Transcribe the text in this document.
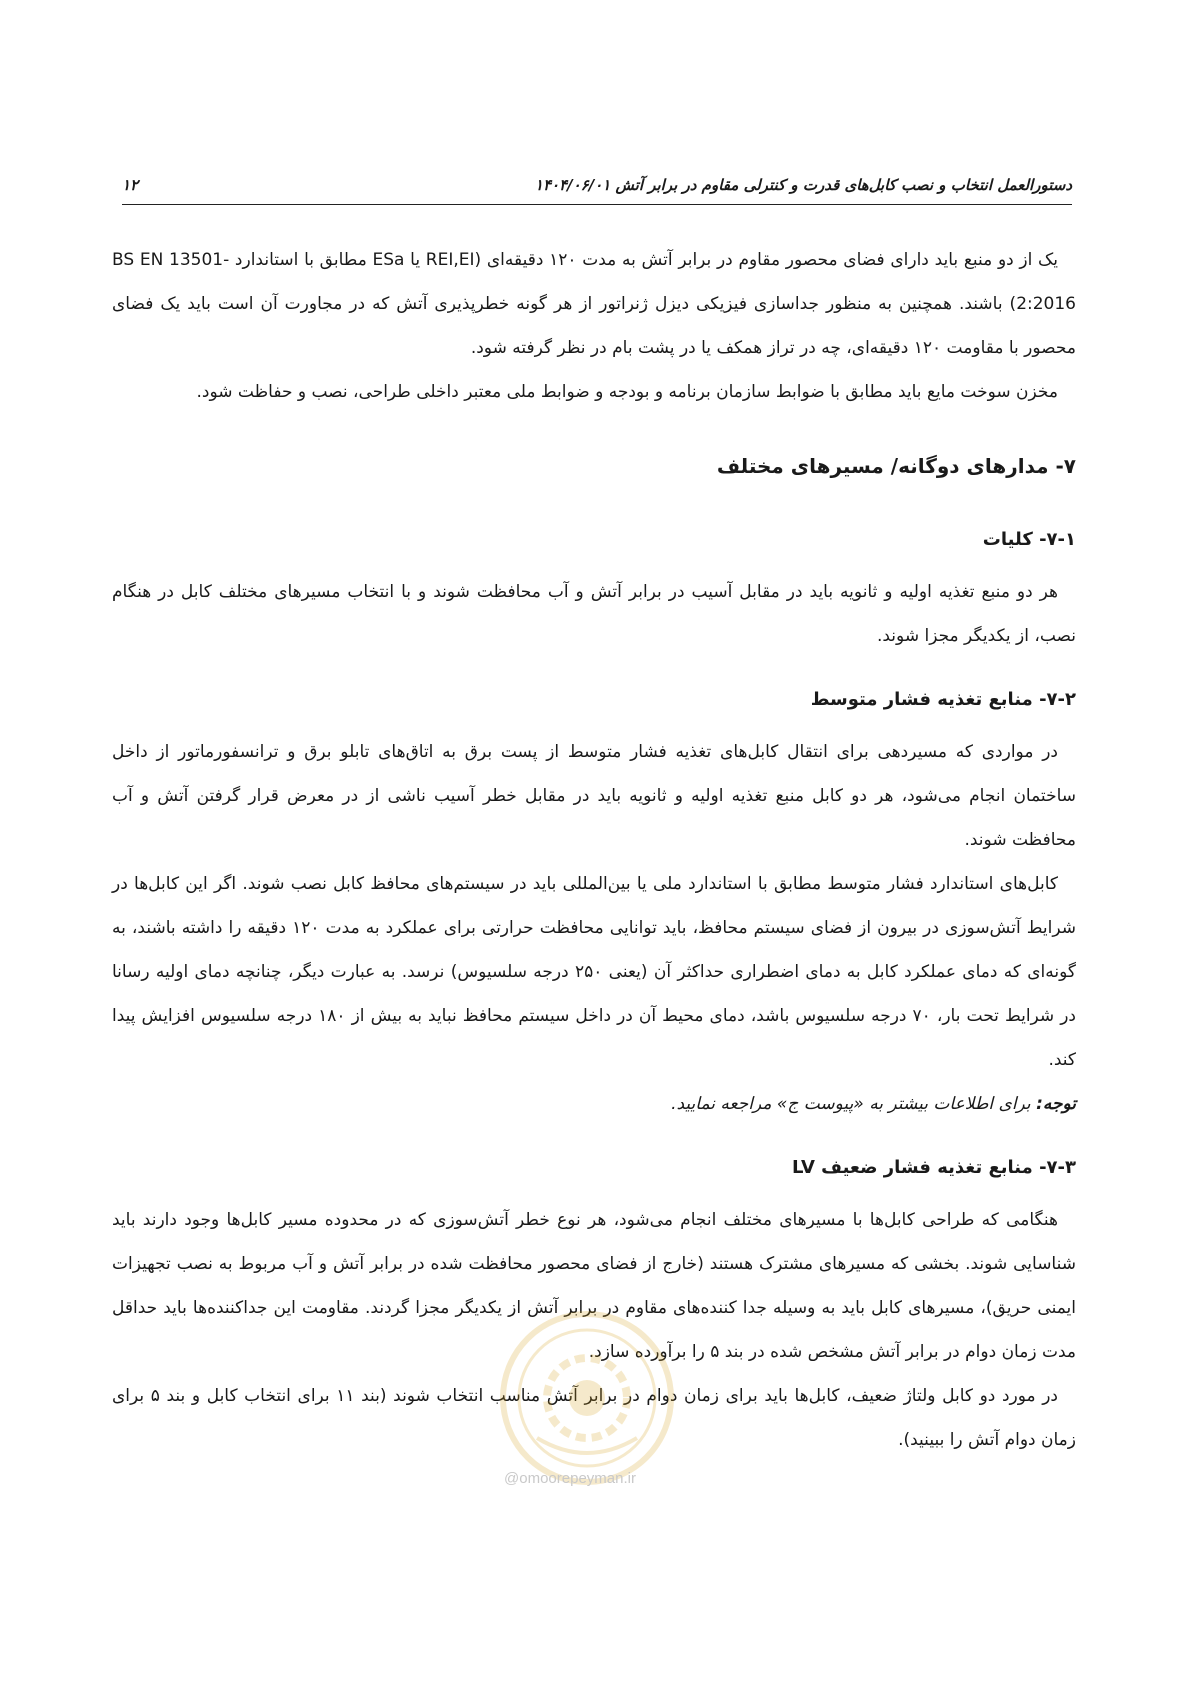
دستورالعمل انتخاب و نصب کابل‌های قدرت و کنترلی مقاوم در برابر آتش ۱۴۰۴/۰۶/۰۱
۱۲

یک از دو منبع باید دارای فضای محصور مقاوم در برابر آتش به مدت ۱۲۰ دقیقه‌ای (REI,EI یا ESa مطابق با استاندارد BS EN 13501-2:2016) باشند. همچنین به منظور جداسازی فیزیکی دیزل ژنراتور از هر گونه خطرپذیری آتش که در مجاورت آن است باید یک فضای محصور با مقاومت ۱۲۰ دقیقه‌ای، چه در تراز همکف یا در پشت بام در نظر گرفته شود.

مخزن سوخت مایع باید مطابق با ضوابط سازمان برنامه و بودجه و ضوابط ملی معتبر داخلی طراحی، نصب و حفاظت شود.

۷- مدارهای دوگانه/ مسیرهای مختلف

۷-۱- کلیات

هر دو منبع تغذیه اولیه و ثانویه باید در مقابل آسیب در برابر آتش و آب محافظت شوند و با انتخاب مسیرهای مختلف کابل در هنگام نصب، از یکدیگر مجزا شوند.

۷-۲- منابع تغذیه فشار متوسط

در مواردی که مسیردهی برای انتقال کابل‌های تغذیه فشار متوسط از پست برق به اتاق‌های تابلو برق و ترانسفورماتور از داخل ساختمان انجام می‌شود، هر دو کابل منبع تغذیه اولیه و ثانویه باید در مقابل خطر آسیب ناشی از در معرض قرار گرفتن آتش و آب محافظت شوند.

کابل‌های استاندارد فشار متوسط مطابق با استاندارد ملی یا بین‌المللی باید در سیستم‌های محافظ کابل نصب شوند. اگر این کابل‌ها در شرایط آتش‌سوزی در بیرون از فضای سیستم محافظ، باید توانایی محافظت حرارتی برای عملکرد به مدت ۱۲۰ دقیقه را داشته باشند، به گونه‌ای که دمای عملکرد کابل به دمای اضطراری حداکثر آن (یعنی ۲۵۰ درجه سلسیوس) نرسد. به عبارت دیگر، چنانچه دمای اولیه رسانا در شرایط تحت بار، ۷۰ درجه سلسیوس باشد، دمای محیط آن در داخل سیستم محافظ نباید به بیش از ۱۸۰ درجه سلسیوس افزایش پیدا کند.

توجه: برای اطلاعات بیشتر به «پیوست ج» مراجعه نمایید.

۷-۳- منابع تغذیه فشار ضعیف LV

هنگامی که طراحی کابل‌ها با مسیرهای مختلف انجام می‌شود، هر نوع خطر آتش‌سوزی که در محدوده مسیر کابل‌ها وجود دارند باید شناسایی شوند. بخشی که مسیرهای مشترک هستند (خارج از فضای محصور محافظت شده در برابر آتش و آب مربوط به نصب تجهیزات ایمنی حریق)، مسیرهای کابل باید به وسیله جدا کننده‌های مقاوم در برابر آتش از یکدیگر مجزا گردند. مقاومت این جداکننده‌ها باید حداقل مدت زمان دوام در برابر آتش مشخص شده در بند ۵ را برآورده سازد.

در مورد دو کابل ولتاژ ضعیف، کابل‌ها باید برای زمان دوام در برابر آتش مناسب انتخاب شوند (بند ۱۱ برای انتخاب کابل و بند ۵ برای زمان دوام آتش را ببینید).

@omoorepeyman.ir
